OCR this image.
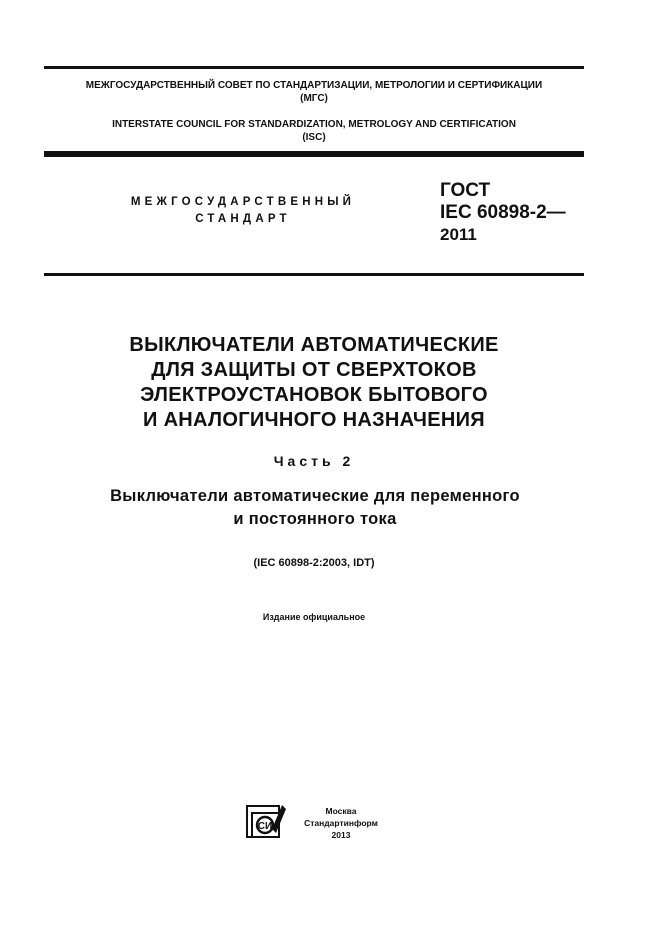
МЕЖГОСУДАРСТВЕННЫЙ СОВЕТ ПО СТАНДАРТИЗАЦИИ, МЕТРОЛОГИИ И СЕРТИФИКАЦИИ
(МГС)
INTERSTATE COUNCIL FOR STANDARDIZATION, METROLOGY AND CERTIFICATION
(ISC)
МЕЖГОСУДАРСТВЕННЫЙ
СТАНДАРТ
ГОСТ
IEC 60898-2—
2011
ВЫКЛЮЧАТЕЛИ АВТОМАТИЧЕСКИЕ
ДЛЯ ЗАЩИТЫ ОТ СВЕРХТОКОВ
ЭЛЕКТРОУСТАНОВОК БЫТОВОГО
И АНАЛОГИЧНОГО НАЗНАЧЕНИЯ
Часть 2
Выключатели автоматические для переменного
и постоянного тока
(IEC 60898-2:2003, IDT)
Издание официальное
СИ
Москва
Стандартинформ
2013
